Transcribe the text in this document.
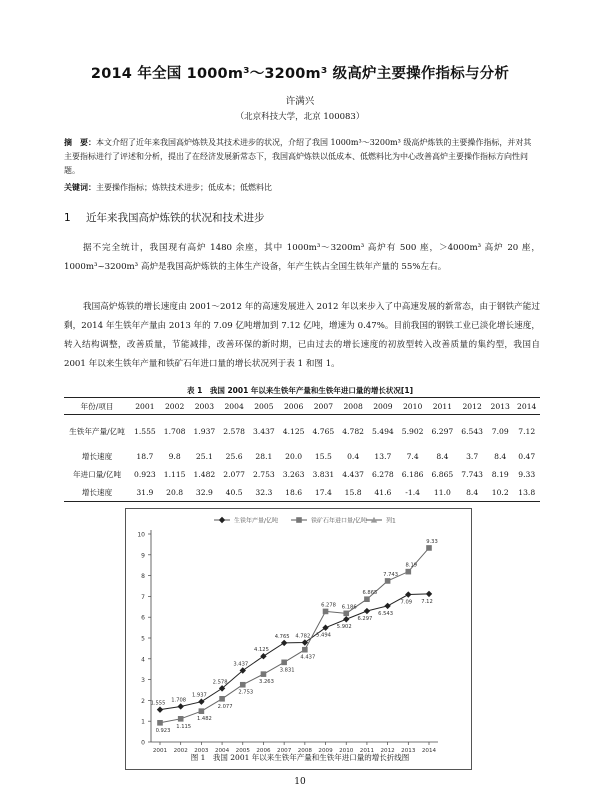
2014 年全国 1000m³～3200m³ 级高炉主要操作指标与分析
许满兴
（北京科技大学，北京 100083）
摘　要：本文介绍了近年来我国高炉炼铁及其技术进步的状况，介绍了我国 1000m³～3200m³ 级高炉炼铁的主要操作指标，并对其主要指标进行了评述和分析，提出了在经济发展新常态下，我国高炉炼铁以低成本、低燃料比为中心改善高炉主要操作指标方向性问题。
关键词：主要操作指标；炼铁技术进步；低成本；低燃料比
1 近年来我国高炉炼铁的状况和技术进步
据不完全统计，我国现有高炉 1480 余座，其中 1000m³～3200m³ 高炉有 500 座，＞4000m³ 高炉 20 座，1000m³~3200m³ 高炉是我国高炉炼铁的主体生产设备，年产生铁占全国生铁年产量的 55%左右。
我国高炉炼铁的增长速度由 2001～2012 年的高速发展进入 2012 年以来步入了中高速发展的新常态，由于钢铁产能过剩，2014 年生铁年产量由 2013 年的 7.09 亿吨增加到 7.12 亿吨，增速为 0.47%。目前我国的钢铁工业已淡化增长速度，转入结构调整，改善质量，节能减排，改善环保的新时期，已由过去的增长速度的初放型转入改善质量的集约型，我国自 2001 年以来生铁年产量和铁矿石年进口量的增长状况列于表 1 和图 1。
表 1　我国 2001 年以来生铁年产量和生铁年进口量的增长状况[1]
年份/项目	2001	2002	2003	2004	2005	2006	2007	2008	2009	2010	2011	2012	2013	2014
生铁年产量/亿吨	1.555	1.708	1.937	2.578	3.437	4.125	4.765	4.782	5.494	5.902	6.297	6.543	7.09	7.12
增长速度	18.7	9.8	25.1	25.6	28.1	20.0	15.5	0.4	13.7	7.4	8.4	3.7	8.4	0.47
年进口量/亿吨	0.923	1.115	1.482	2.077	2.753	3.263	3.831	4.437	6.278	6.186	6.865	7.743	8.19	9.33
增长速度	31.9	20.8	32.9	40.5	32.3	18.6	17.4	15.8	41.6	-1.4	11.0	8.4	10.2	13.8
0
1
2
3
4
5
6
7
8
9
10
2001 2002 2003 2004 2005 2006 2007 2008 2009 2010 2011 2012 2013 2014
生铁年产量/亿吨	铁矿石年进口量/亿吨	列1
1.555
1.708
1.937
2.578
3.437
4.125
4.765 4.782 5.494
5.902
6.297
6.543
7.09 7.12
0.923
1.115
1.482
2.077
2.753
3.263
3.831
4.437
6.278 6.186
6.865
7.743
8.19
9.33
图 1　我国 2001 年以来生铁年产量和生铁年进口量的增长折线图
10
